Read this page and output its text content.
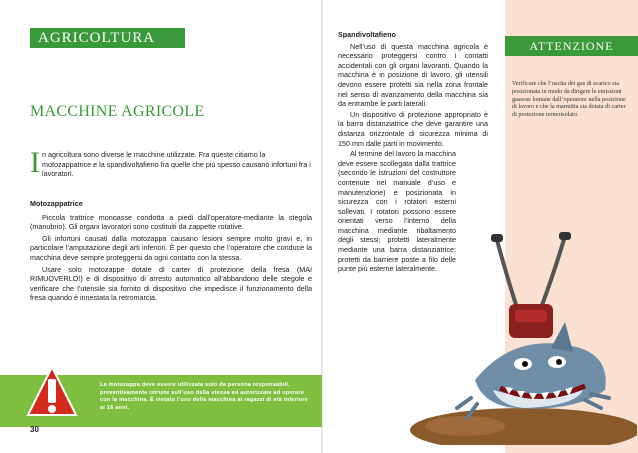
AGRICOLTURA
MACCHINE AGRICOLE
I n agricoltura sono diverse le macchine utilizzate. Fra queste citiamo la motozappatrice e la spandivoltafieno fra quelle che più spesso causano infortuni fra i lavoratori.
Motozappatrice

Piccola trattrice monoasse condotta a piedi dall’operatore-mediante la stegola (manubrio). Gli organi lavoratori sono costituiti da zappette rotative.

Gli infortuni causati dalla motozappa causano lesioni sempre molto gravi e, in particolare l’amputazione degli arti inferiori. È per questo che l’operatore che conduce la macchina deve sempre proteggersi da ogni contatto con la stessa.

Usare solo motozappe dotate di carter di protezione della fresa (MAI RIMUOVERLO!) e di dispositivo di arresto automatico all’abbandono delle stegole e verificare che l’utensile sia fornito di dispositivo che impedisce il funzionamento della fresa quando è innestata la retromarcia.

La motozappa deve essere utilizzata solo da persona responsabili, preventivamente istruite sull’uso della stessa ed autorizzate ad operare con la macchina. È vietato l’uso della macchina ai ragazzi di età inferiore ai 16 anni.
30
Spandivoltafieno

Nell’uso di questa macchina agricola è necessario proteggersi contro i contatti accidentali con gli organi lavoranti. Quando la macchina è in posizione di lavoro, gli utensili devono essere protetti sia nella zona frontale nel senso di avanzamento della macchina sia da entrambe le parti laterali.

Un dispositivo di protezione appropriato è la barra distanziatrice che deve garantire una distanza orizzontale di sicurezza minima di 150 mm dalle parti in movimento.

Al termine del lavoro la macchina deve essere scollegata dalla trattrice (secondo le istruzioni del costruttore contenute nel manuale d’uso e manutenzione) e posizionata in sicurezza con i rotatori esterni sollevati. I rotatori possono essere orientati verso l’interno della macchina mediante ribaltamento degli stessi; protetti lateralmente mediante una barra distanziatrice; protetti da barriere poste a filo delle punte più esterne lateralmente.

ATTENZIONE
Verificare che l’uscita dei gas di scarico sia posizionata in modo da dirigere le emissioni gassose lontane dall’operatore nella posizione di lavoro e che la marmitta sia dotata di carter di protezione termoisolato.
